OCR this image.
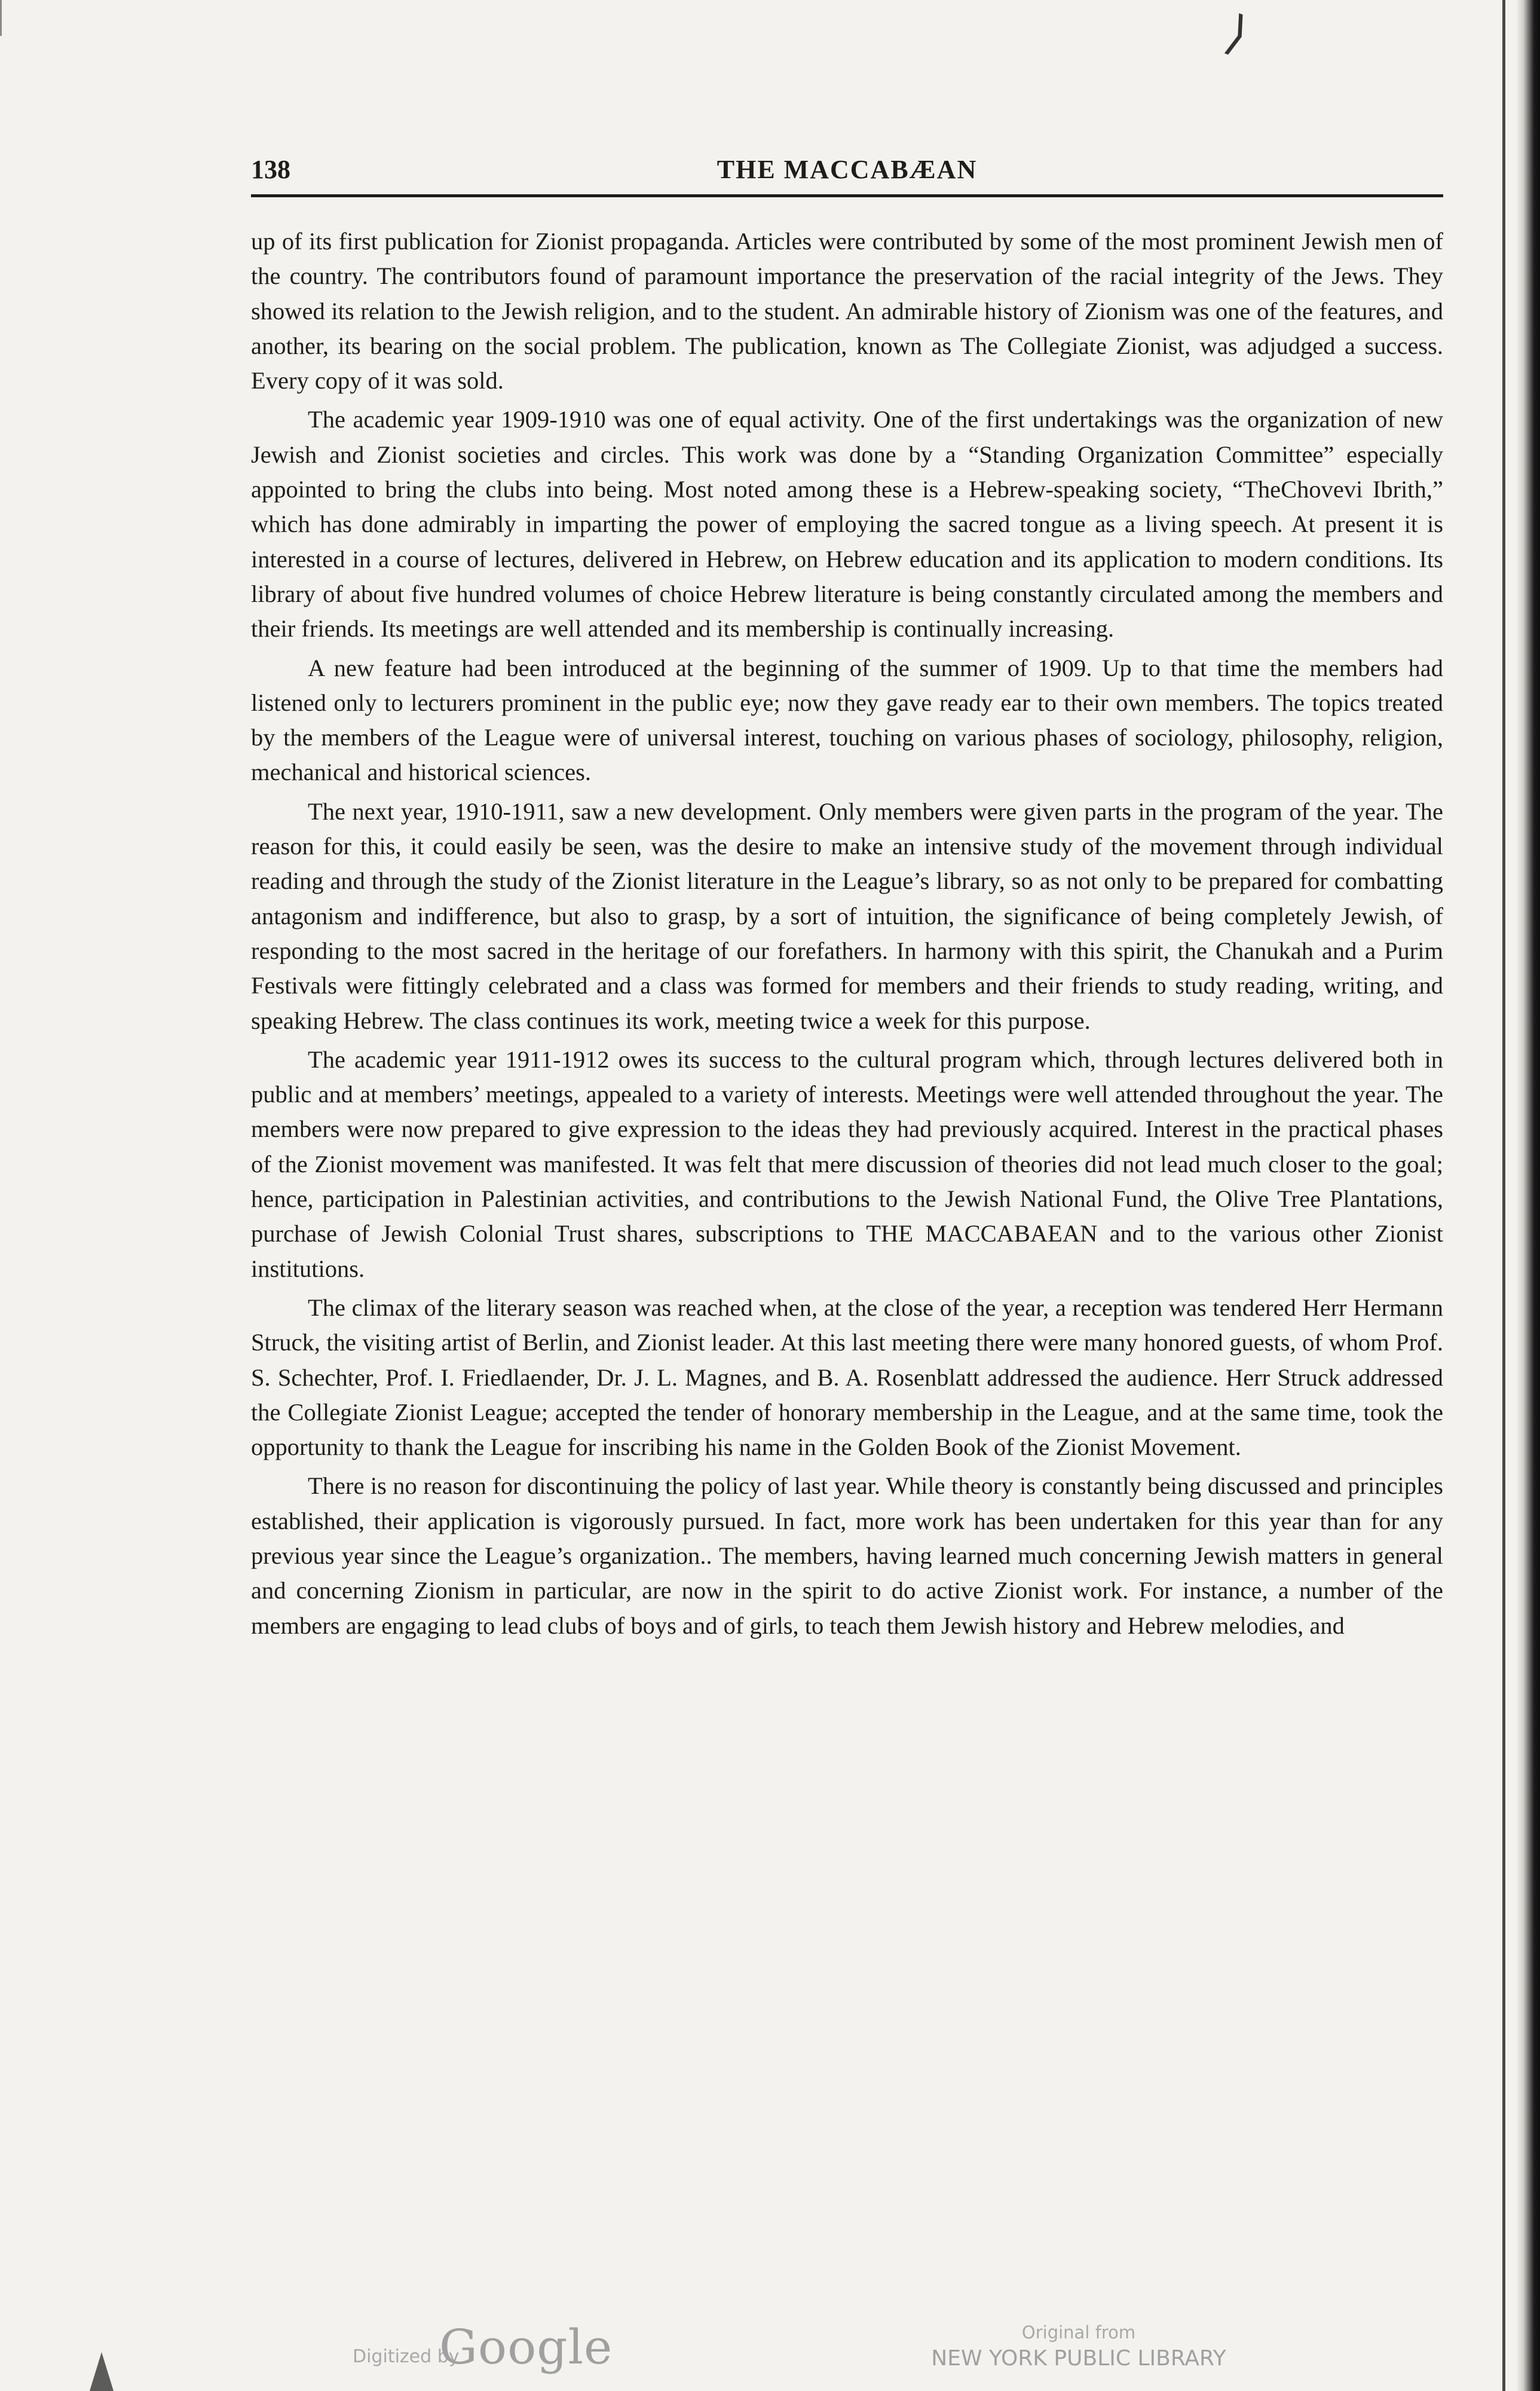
⟩
138	THE MACCABÆAN

up of its first publication for Zionist propaganda. Articles were contributed by some of the most prominent Jewish men of the country. The contributors found of paramount importance the preservation of the racial integrity of the Jews. They showed its relation to the Jewish religion, and to the student. An admirable history of Zionism was one of the features, and another, its bearing on the social problem. The publication, known as The Collegiate Zionist, was adjudged a success. Every copy of it was sold.

The academic year 1909-1910 was one of equal activity. One of the first undertakings was the organization of new Jewish and Zionist societies and circles. This work was done by a “Standing Organization Committee” especially appointed to bring the clubs into being. Most noted among these is a Hebrew-speaking society, “TheChovevi Ibrith,” which has done admirably in imparting the power of employing the sacred tongue as a living speech. At present it is interested in a course of lectures, delivered in Hebrew, on Hebrew education and its application to modern conditions. Its library of about five hundred volumes of choice Hebrew literature is being constantly circulated among the members and their friends. Its meetings are well attended and its membership is continually increasing.

A new feature had been introduced at the beginning of the summer of 1909. Up to that time the members had listened only to lecturers prominent in the public eye; now they gave ready ear to their own members. The topics treated by the members of the League were of universal interest, touching on various phases of sociology, philosophy, religion, mechanical and historical sciences.

The next year, 1910-1911, saw a new development. Only members were given parts in the program of the year. The reason for this, it could easily be seen, was the desire to make an intensive study of the movement through individual reading and through the study of the Zionist literature in the League’s library, so as not only to be prepared for combatting antagonism and indifference, but also to grasp, by a sort of intuition, the significance of being completely Jewish, of responding to the most sacred in the heritage of our forefathers. In harmony with this spirit, the Chanukah and a Purim Festivals were fittingly celebrated and a class was formed for members and their friends to study reading, writing, and speaking Hebrew. The class continues its work, meeting twice a week for this purpose.

The academic year 1911-1912 owes its success to the cultural program which, through lectures delivered both in public and at members’ meetings, appealed to a variety of interests. Meetings were well attended throughout the year. The members were now prepared to give expression to the ideas they had previously acquired. Interest in the practical phases of the Zionist movement was manifested. It was felt that mere discussion of theories did not lead much closer to the goal; hence, participation in Palestinian activities, and contributions to the Jewish National Fund, the Olive Tree Plantations, purchase of Jewish Colonial Trust shares, subscriptions to THE MACCABAEAN and to the various other Zionist institutions.

The climax of the literary season was reached when, at the close of the year, a reception was tendered Herr Hermann Struck, the visiting artist of Berlin, and Zionist leader. At this last meeting there were many honored guests, of whom Prof. S. Schechter, Prof. I. Friedlaender, Dr. J. L. Magnes, and B. A. Rosenblatt addressed the audience. Herr Struck addressed the Collegiate Zionist League; accepted the tender of honorary membership in the League, and at the same time, took the opportunity to thank the League for inscribing his name in the Golden Book of the Zionist Movement.

There is no reason for discontinuing the policy of last year. While theory is constantly being discussed and principles established, their application is vigorously pursued. In fact, more work has been undertaken for this year than for any previous year since the League’s organization.. The members, having learned much concerning Jewish matters in general and concerning Zionism in particular, are now in the spirit to do active Zionist work. For instance, a number of the members are engaging to lead clubs of boys and of girls, to teach them Jewish history and Hebrew melodies, and

Digitized by
Google	Original from
NEW YORK PUBLIC LIBRARY
